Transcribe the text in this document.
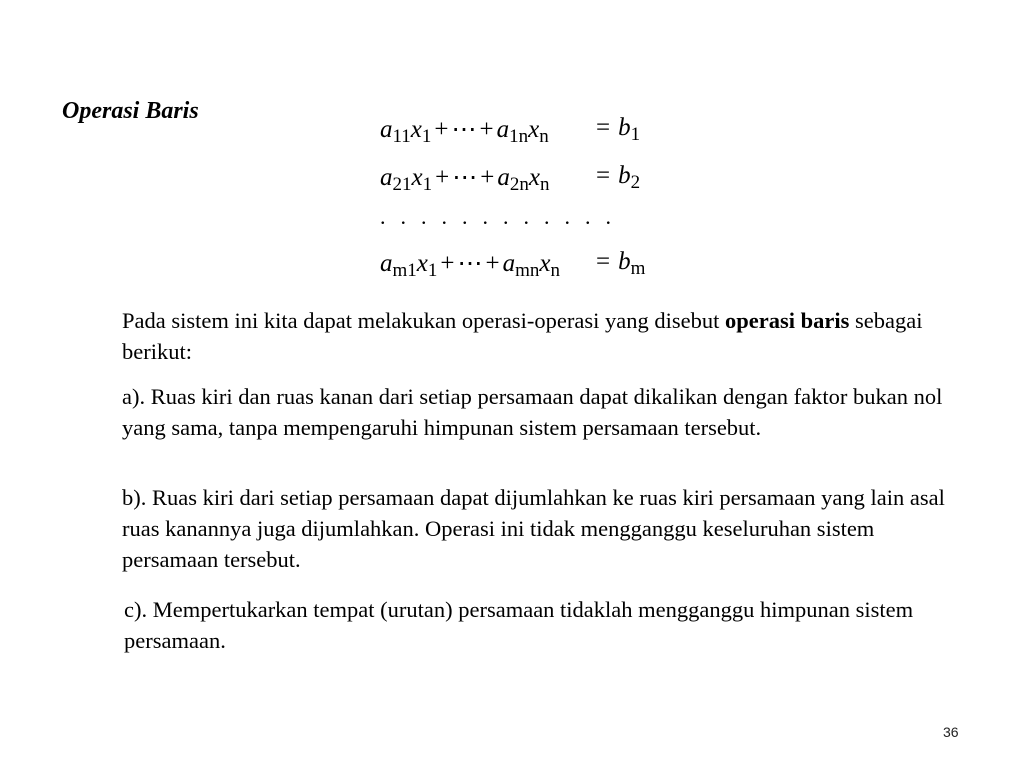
Operasi Baris
$a_{11}x_1$ + ⋯ + $a_{1n}x_n = b_1$
$a_{21}x_1$ + ⋯ + $a_{2n}x_n = b_2$
. . . . . . . . . . . .
$a_{m1}x_1$ + ⋯ + $a_{mn}x_n = b_m$
Pada sistem ini kita dapat melakukan operasi-operasi yang disebut operasi baris sebagai berikut:
a). Ruas kiri dan ruas kanan dari setiap persamaan dapat dikalikan dengan faktor bukan nol yang sama, tanpa mempengaruhi himpunan sistem persamaan tersebut.
b). Ruas kiri dari setiap persamaan dapat dijumlahkan ke ruas kiri persamaan yang lain asal ruas kanannya juga dijumlahkan. Operasi ini tidak mengganggu keseluruhan sistem persamaan tersebut.
c). Mempertukarkan tempat (urutan) persamaan tidaklah mengganggu himpunan sistem persamaan.
36
